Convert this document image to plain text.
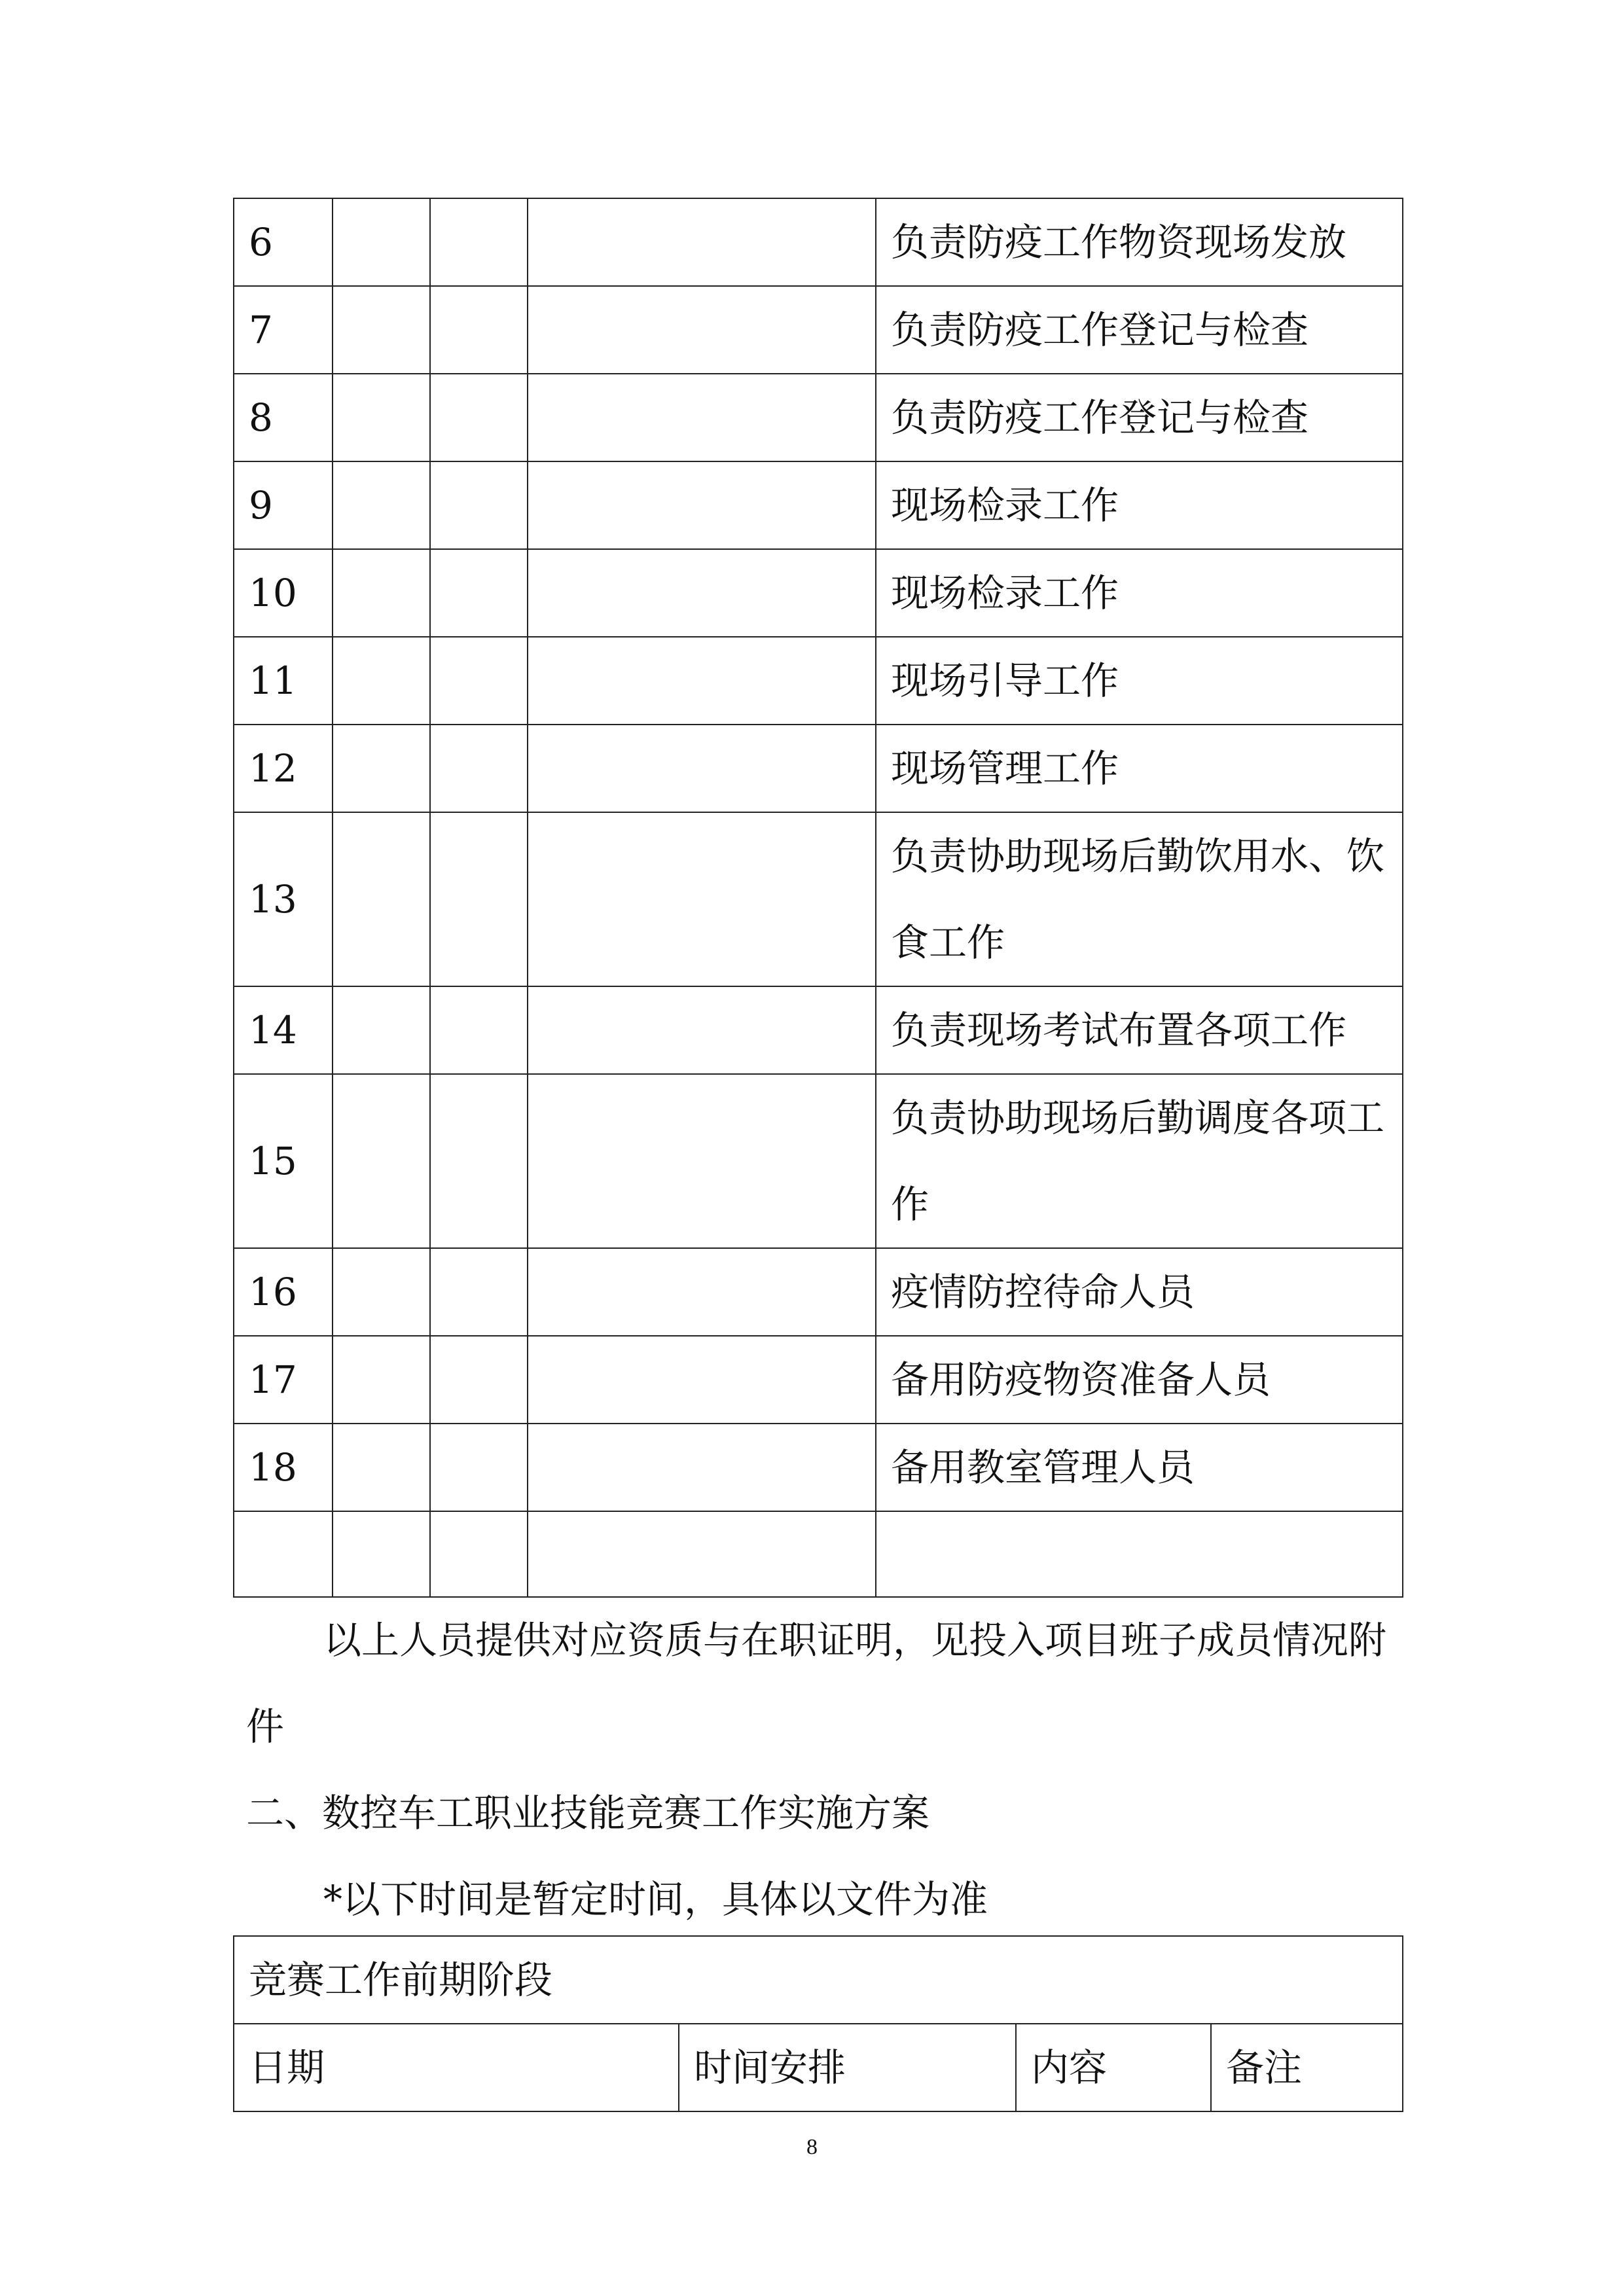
6				负责防疫工作物资现场发放
7				负责防疫工作登记与检查
8				负责防疫工作登记与检查
9				现场检录工作
10				现场检录工作
11				现场引导工作
12				现场管理工作
13				负责协助现场后勤饮用水、饮食工作
14				负责现场考试布置各项工作
15				负责协助现场后勤调度各项工作
16				疫情防控待命人员
17				备用防疫物资准备人员
18				备用教室管理人员

以上人员提供对应资质与在职证明，见投入项目班子成员情况附件

二、数控车工职业技能竞赛工作实施方案

*以下时间是暂定时间，具体以文件为准

竞赛工作前期阶段
日期	时间安排	内容	备注
8
